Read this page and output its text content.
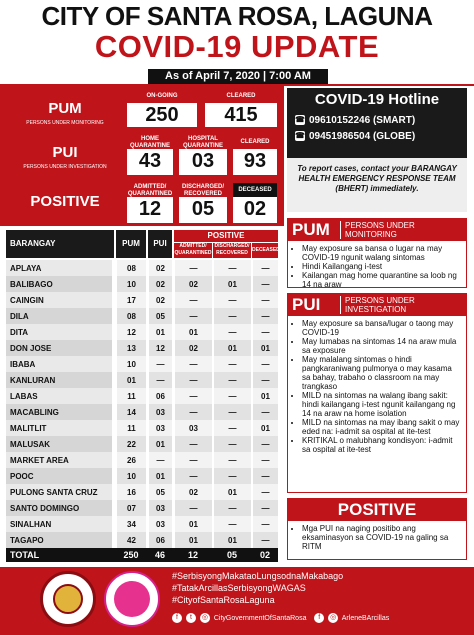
CITY OF SANTA ROSA, LAGUNA
COVID-19 UPDATE
As of April 7, 2020 | 7:00 AM
PUM
PERSONS UNDER MONITORING
ON-GOING
250
CLEARED
415
PUI
PERSONS UNDER INVESTIGATION
HOME QUARANTINE
43
HOSPITAL QUARANTINE
03
CLEARED
93
POSITIVE
ADMITTED/ QUARANTINED
12
DISCHARGED/ RECOVERED
05
DECEASED
02
BARANGAY	PUM	PUI
POSITIVE
ADMITTED/ QUARANTINED
DISCHARGED/ RECOVERED DECEASED
APLAYA	08	02	—	—	—
BALIBAGO	10	02	02	01	—
CAINGIN	17	02	—	—	—
DILA	08	05	—	—	—
DITA	12	01	01	—	—
DON JOSE	13	12	02	01	01
IBABA	10	—	—	—	—
KANLURAN	01	—	—	—	—
LABAS	11	06	—	—	01
MACABLING	14	03	—	—	—
MALITLIT	11	03	03	—	01
MALUSAK	22	01	—	—	—
MARKET AREA	26	—	—	—	—
POOC	10	01	—	—	—
PULONG SANTA CRUZ	16	05	02	01	—
SANTO DOMINGO	07	03	—	—	—
SINALHAN	34	03	01	—	—
TAGAPO	42	06	01	01	—
TOTAL	250	46	12	05	02
COVID-19 Hotline
☎ 09610152246 (SMART)
☎ 09451986504 (GLOBE)
To report cases, contact your BARANGAY HEALTH EMERGENCY RESPONSE TEAM (BHERT) immediately.
PUM	PERSONS UNDER MONITORING
• May exposure sa bansa o lugar na may COVID-19 ngunit walang sintomas
• Hindi Kailangang i-test
• Kailangan mag home quarantine sa loob ng 14 na araw
PUI	PERSONS UNDER INVESTIGATION
• May exposure sa bansa/lugar o taong may COVID-19
• May lumabas na sintomas 14 na araw mula sa exposure
• May malalang sintomas o hindi pangkaraniwang pulmonya o may kasama sa bahay, trabaho o classroom na may trangkaso
• MILD na sintomas na walang ibang sakit: hindi kailangang i-test ngunit kailangang ng 14 na araw na home isolation
• MILD na sintomas na may ibang sakit o may eded na: i-admit sa ospital at ite-test
• KRITIKAL o malubhang kondisyon: i-admit sa ospital at ite-test
POSITIVE
• Mga PUI na naging positibo ang eksaminasyon sa COVID-19 na galing sa RITM
#SerbisyongMakataoLungsodnaMakabago
#TatakArcillasSerbisyongWAGAS
#CityofSantaRosaLaguna
f t ◎ CityGovernmentOfSantaRosa f ◎ ArleneBArcillas
